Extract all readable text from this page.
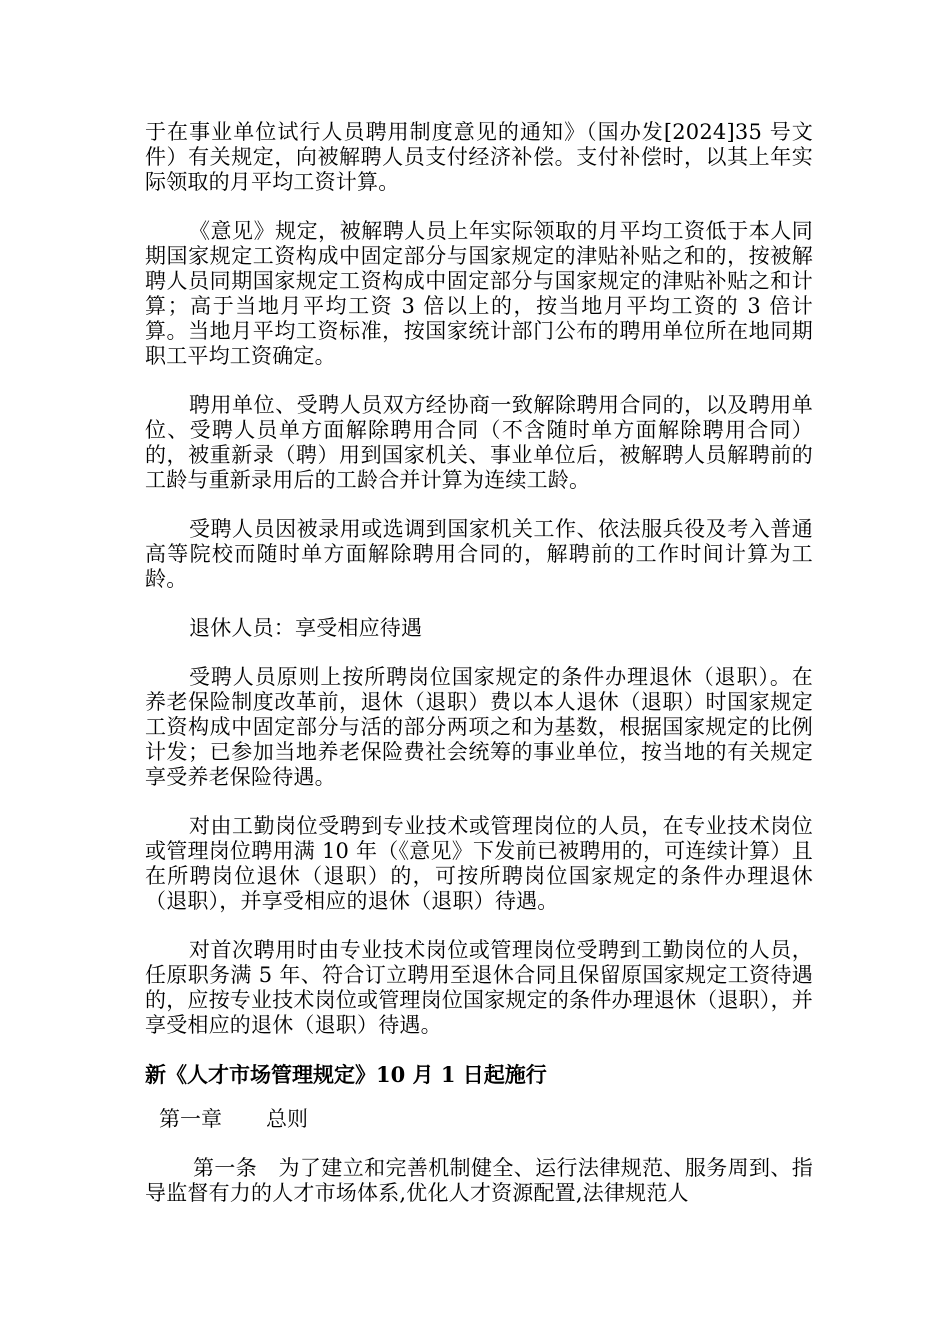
于在事业单位试行人员聘用制度意见的通知》（国办发[2024]35 号文件）有关规定，向被解聘人员支付经济补偿。支付补偿时，以其上年实际领取的月平均工资计算。

《意见》规定，被解聘人员上年实际领取的月平均工资低于本人同期国家规定工资构成中固定部分与国家规定的津贴补贴之和的，按被解聘人员同期国家规定工资构成中固定部分与国家规定的津贴补贴之和计算；高于当地月平均工资 3 倍以上的，按当地月平均工资的 3 倍计算。当地月平均工资标准，按国家统计部门公布的聘用单位所在地同期职工平均工资确定。

聘用单位、受聘人员双方经协商一致解除聘用合同的，以及聘用单位、受聘人员单方面解除聘用合同（不含随时单方面解除聘用合同）的，被重新录（聘）用到国家机关、事业单位后，被解聘人员解聘前的工龄与重新录用后的工龄合并计算为连续工龄。

受聘人员因被录用或选调到国家机关工作、依法服兵役及考入普通高等院校而随时单方面解除聘用合同的，解聘前的工作时间计算为工龄。

退休人员：享受相应待遇

受聘人员原则上按所聘岗位国家规定的条件办理退休（退职）。在养老保险制度改革前，退休（退职）费以本人退休（退职）时国家规定工资构成中固定部分与活的部分两项之和为基数，根据国家规定的比例计发；已参加当地养老保险费社会统筹的事业单位，按当地的有关规定享受养老保险待遇。

对由工勤岗位受聘到专业技术或管理岗位的人员，在专业技术岗位或管理岗位聘用满 10 年（《意见》下发前已被聘用的，可连续计算）且在所聘岗位退休（退职）的，可按所聘岗位国家规定的条件办理退休（退职），并享受相应的退休（退职）待遇。

对首次聘用时由专业技术岗位或管理岗位受聘到工勤岗位的人员，任原职务满 5 年、符合订立聘用至退休合同且保留原国家规定工资待遇的，应按专业技术岗位或管理岗位国家规定的条件办理退休（退职），并享受相应的退休（退职）待遇。

新《人才市场管理规定》10 月 1 日起施行
第一章 总则

第一条　为了建立和完善机制健全、运行法律规范、服务周到、指导监督有力的人才市场体系,优化人才资源配置,法律规范人
